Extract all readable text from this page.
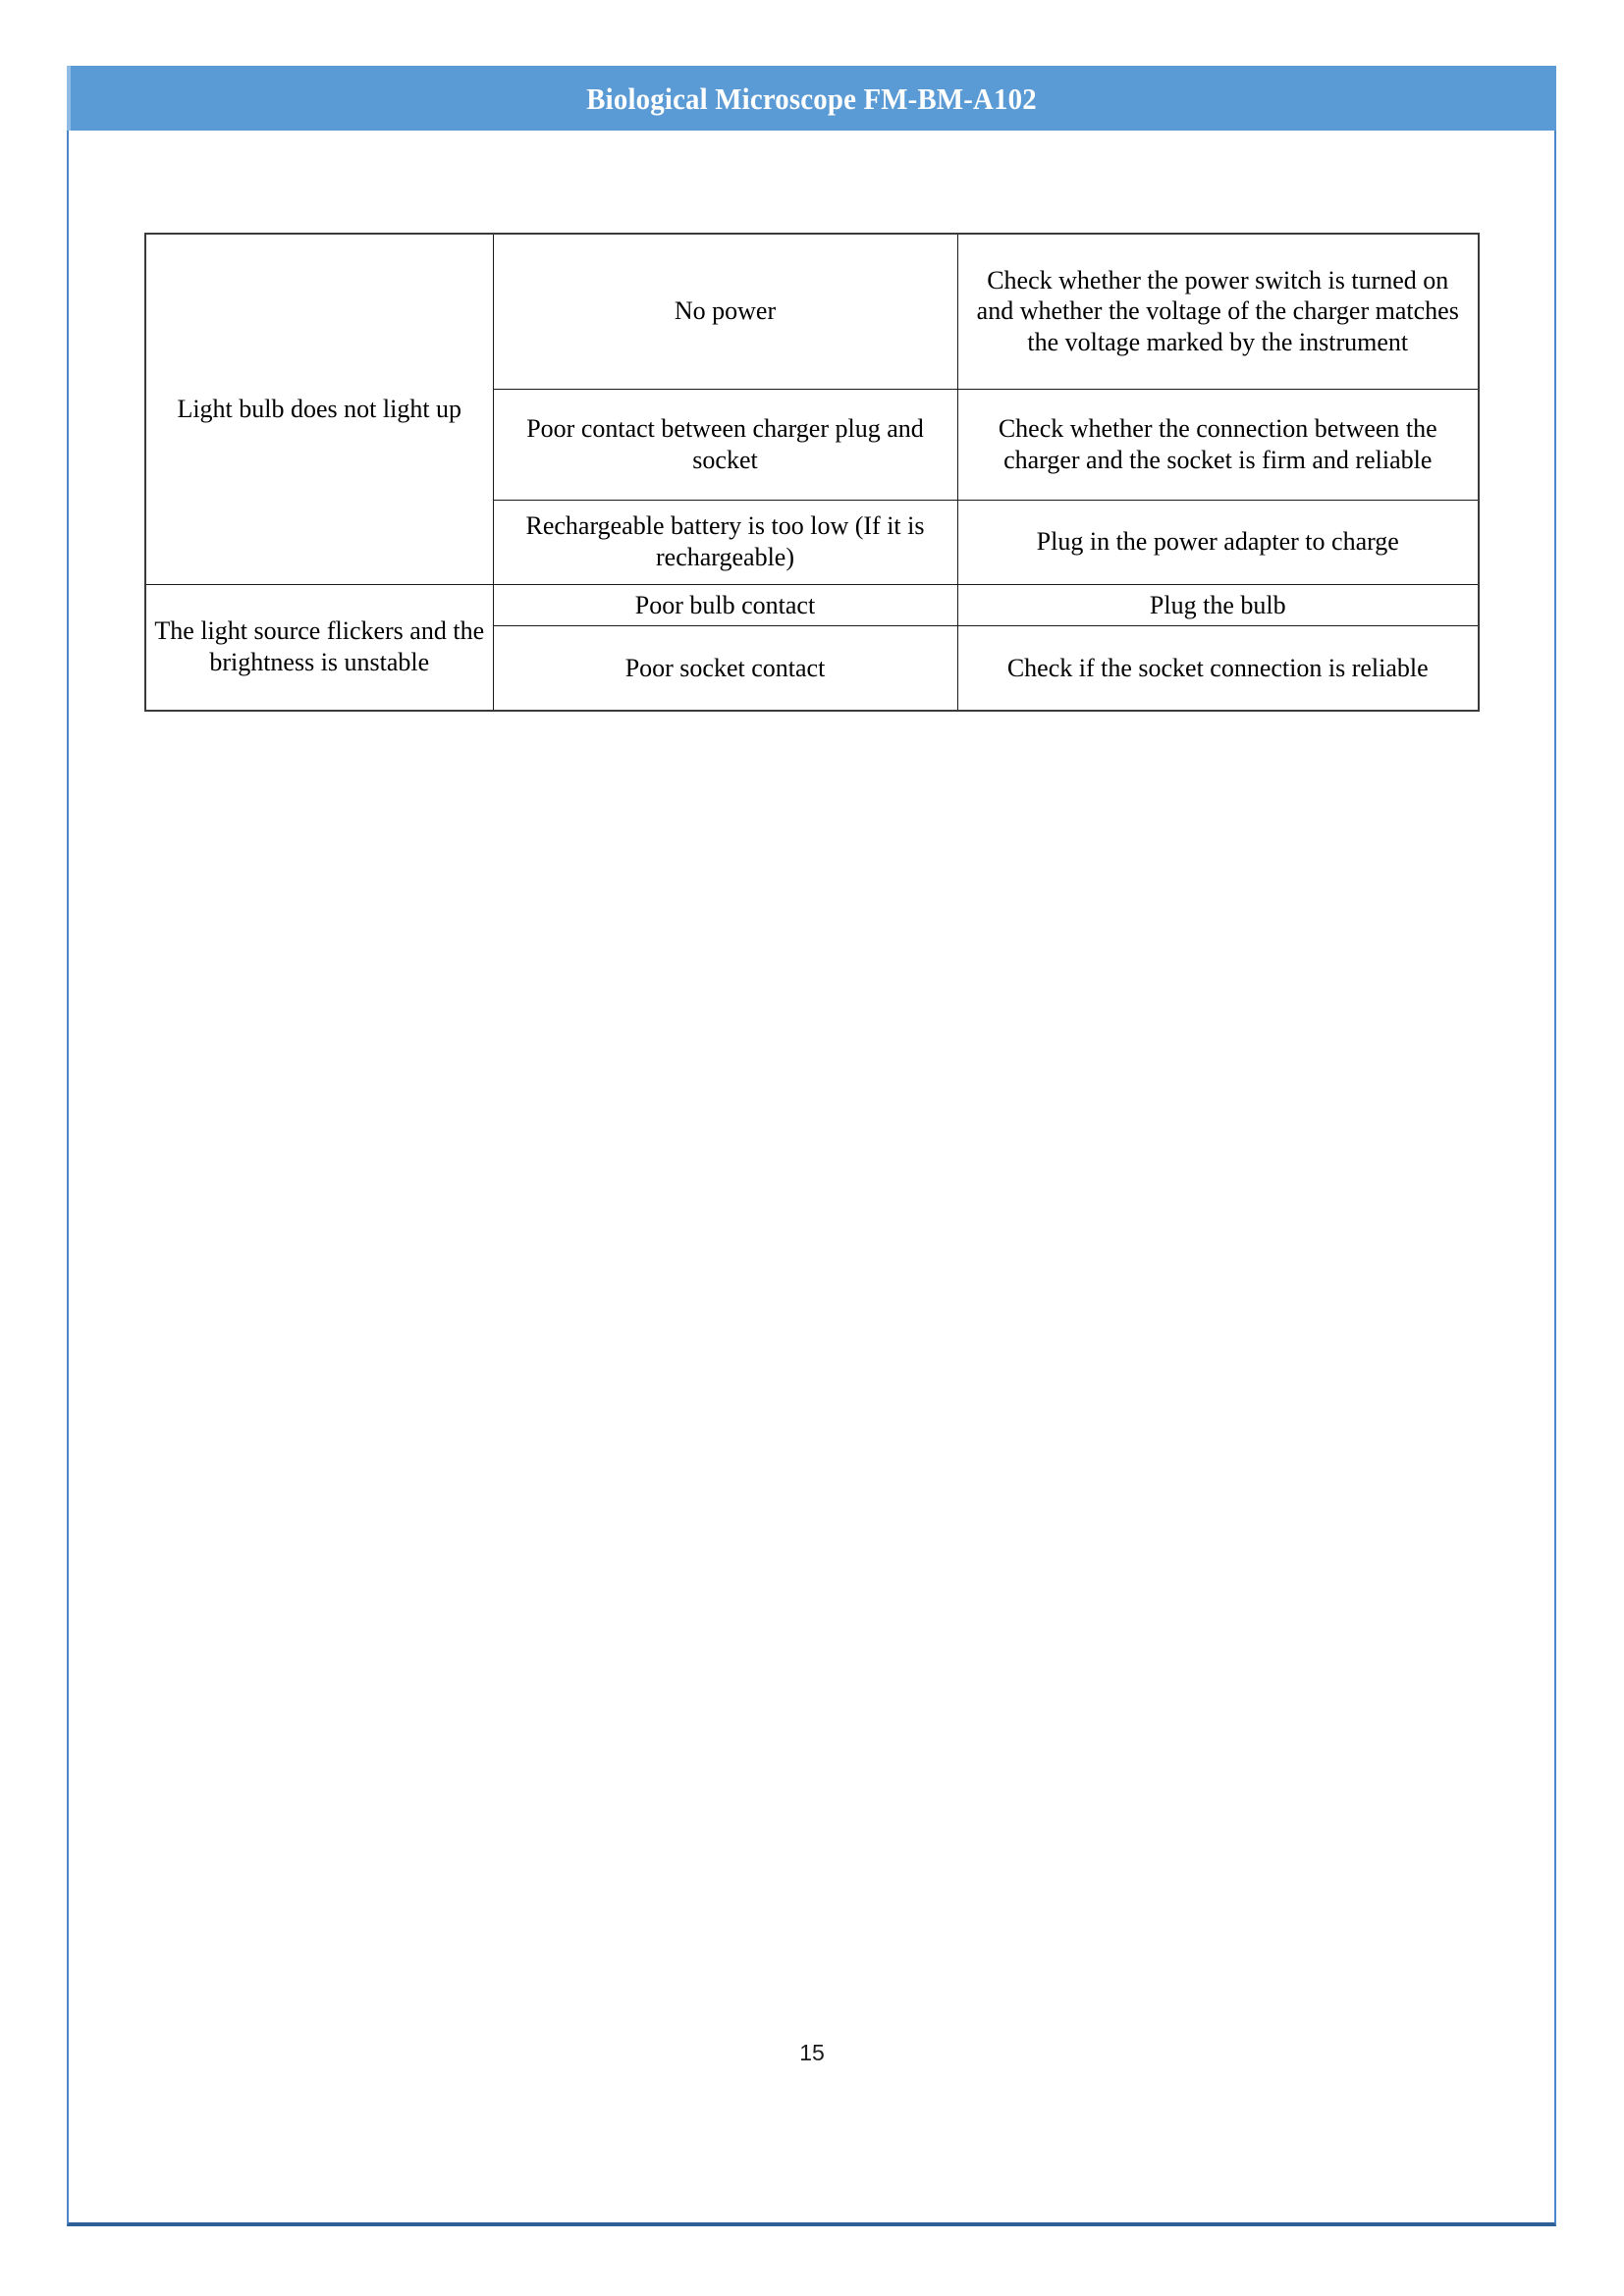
Biological Microscope FM-BM-A102
Light bulb does not light up	No power	Check whether the power switch is turned on and whether the voltage of the charger matches the voltage marked by the instrument
	Poor contact between charger plug and socket	Check whether the connection between the charger and the socket is firm and reliable
	Rechargeable battery is too low (If it is rechargeable)	Plug in the power adapter to charge
The light source flickers and the brightness is unstable	Poor bulb contact	Plug the bulb
	Poor socket contact	Check if the socket connection is reliable
15
